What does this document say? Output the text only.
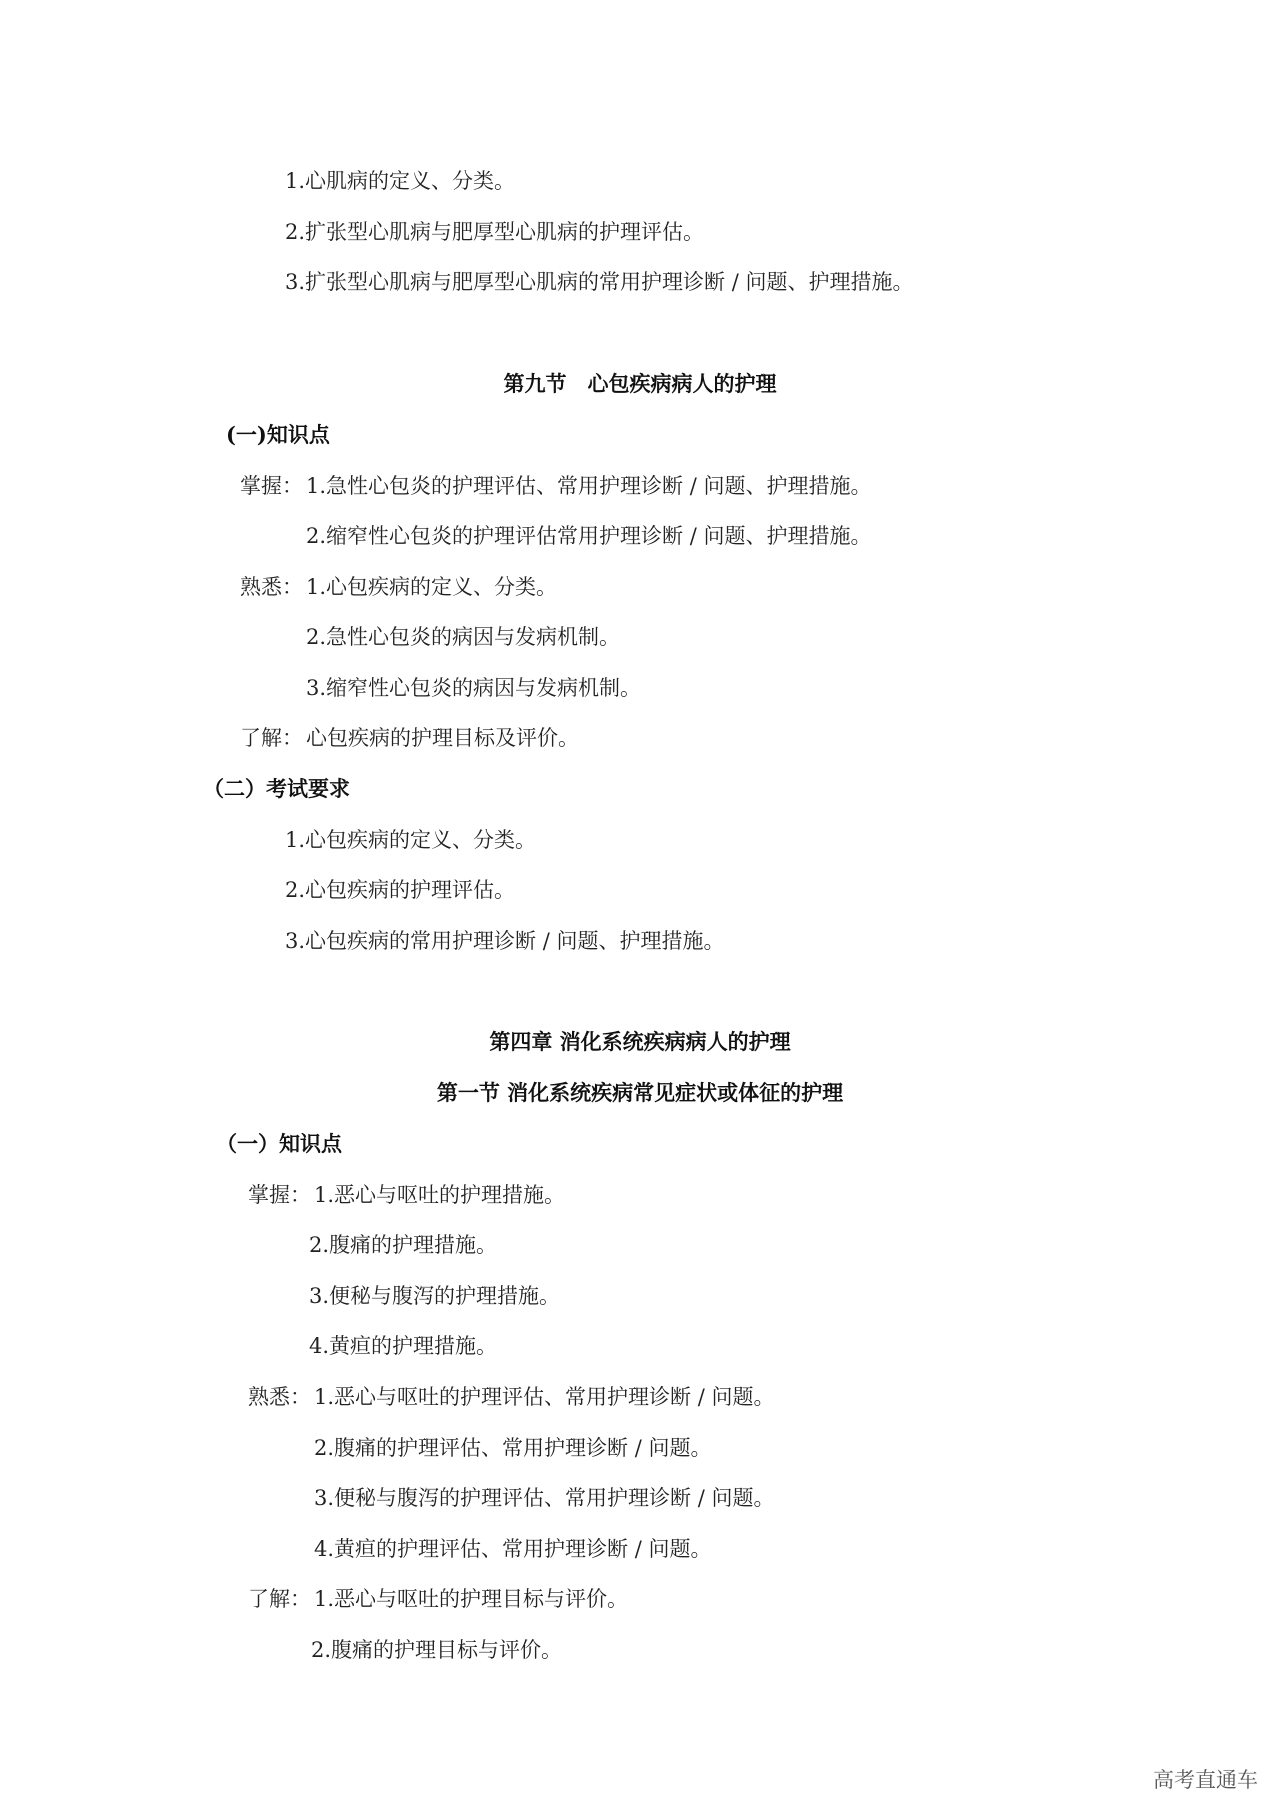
1.心肌病的定义、分类。
2.扩张型心肌病与肥厚型心肌病的护理评估。
3.扩张型心肌病与肥厚型心肌病的常用护理诊断 / 问题、护理措施。
第九节　心包疾病病人的护理
(一)知识点
掌握： 1.急性心包炎的护理评估、常用护理诊断 / 问题、护理措施。
2.缩窄性心包炎的护理评估常用护理诊断 / 问题、护理措施。
熟悉： 1.心包疾病的定义、分类。
2.急性心包炎的病因与发病机制。
3.缩窄性心包炎的病因与发病机制。
了解： 心包疾病的护理目标及评价。
（二）考试要求
1.心包疾病的定义、分类。
2.心包疾病的护理评估。
3.心包疾病的常用护理诊断 / 问题、护理措施。
第四章 消化系统疾病病人的护理
第一节 消化系统疾病常见症状或体征的护理
（一）知识点
掌握： 1.恶心与呕吐的护理措施。
2.腹痛的护理措施。
3.便秘与腹泻的护理措施。
4.黄疸的护理措施。
熟悉： 1.恶心与呕吐的护理评估、常用护理诊断 / 问题。
2.腹痛的护理评估、常用护理诊断 / 问题。
3.便秘与腹泻的护理评估、常用护理诊断 / 问题。
4.黄疸的护理评估、常用护理诊断 / 问题。
了解： 1.恶心与呕吐的护理目标与评价。
2.腹痛的护理目标与评价。
高考直通车
